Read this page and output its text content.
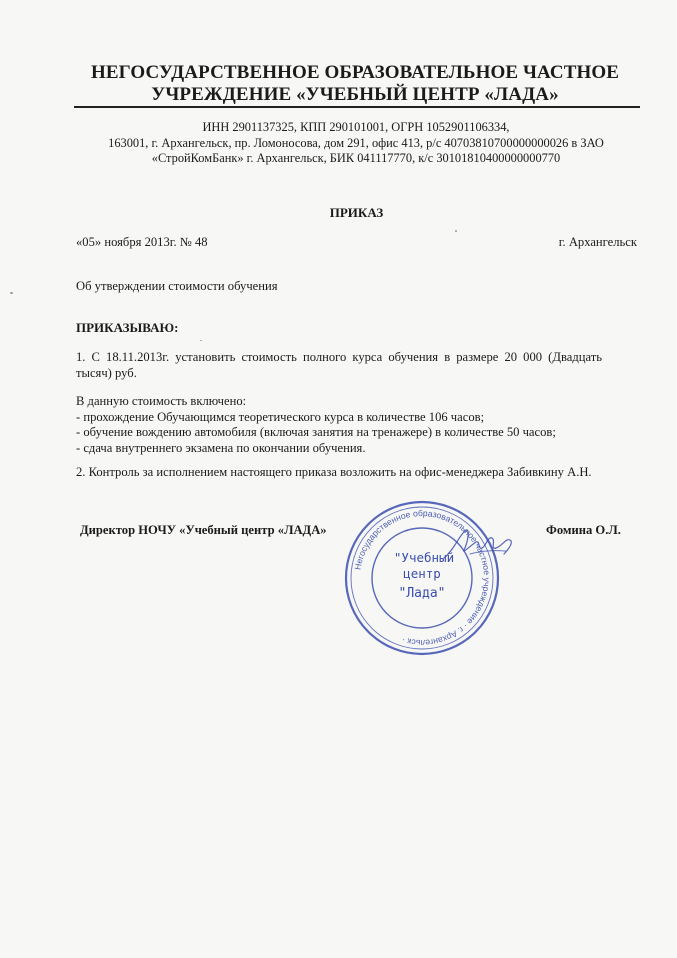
НЕГОСУДАРСТВЕННОЕ ОБРАЗОВАТЕЛЬНОЕ ЧАСТНОЕ
УЧРЕЖДЕНИЕ «УЧЕБНЫЙ ЦЕНТР «ЛАДА»
ИНН 2901137325, КПП 290101001, ОГРН 1052901106334,
163001, г. Архангельск, пр. Ломоносова, дом 291, офис 413, р/с 40703810700000000026 в ЗАО
«СтройКомБанк» г. Архангельск, БИК 041117770, к/с 30101810400000000770
ПРИКАЗ
«05» ноября 2013г. № 48	г. Архангельск
Об утверждении стоимости обучения
ПРИКАЗЫВАЮ:
1. С 18.11.2013г. установить стоимость полного курса обучения в размере 20 000 (Двадцать тысяч) руб.
В данную стоимость включено:
- прохождение Обучающимся теоретического курса в количестве 106 часов;
- обучение вождению автомобиля (включая занятия на тренажере) в количестве 50 часов;
- сдача внутреннего экзамена по окончании обучения.
2. Контроль за исполнением настоящего приказа возложить на офис-менеджера Забивкину А.Н.
Директор НОЧУ «Учебный центр «ЛАДА»
Негосударственное образовательное частное учреждение · г. Архангельск ·
"Учебный
центр
"Лада"
Фомина О.Л.
